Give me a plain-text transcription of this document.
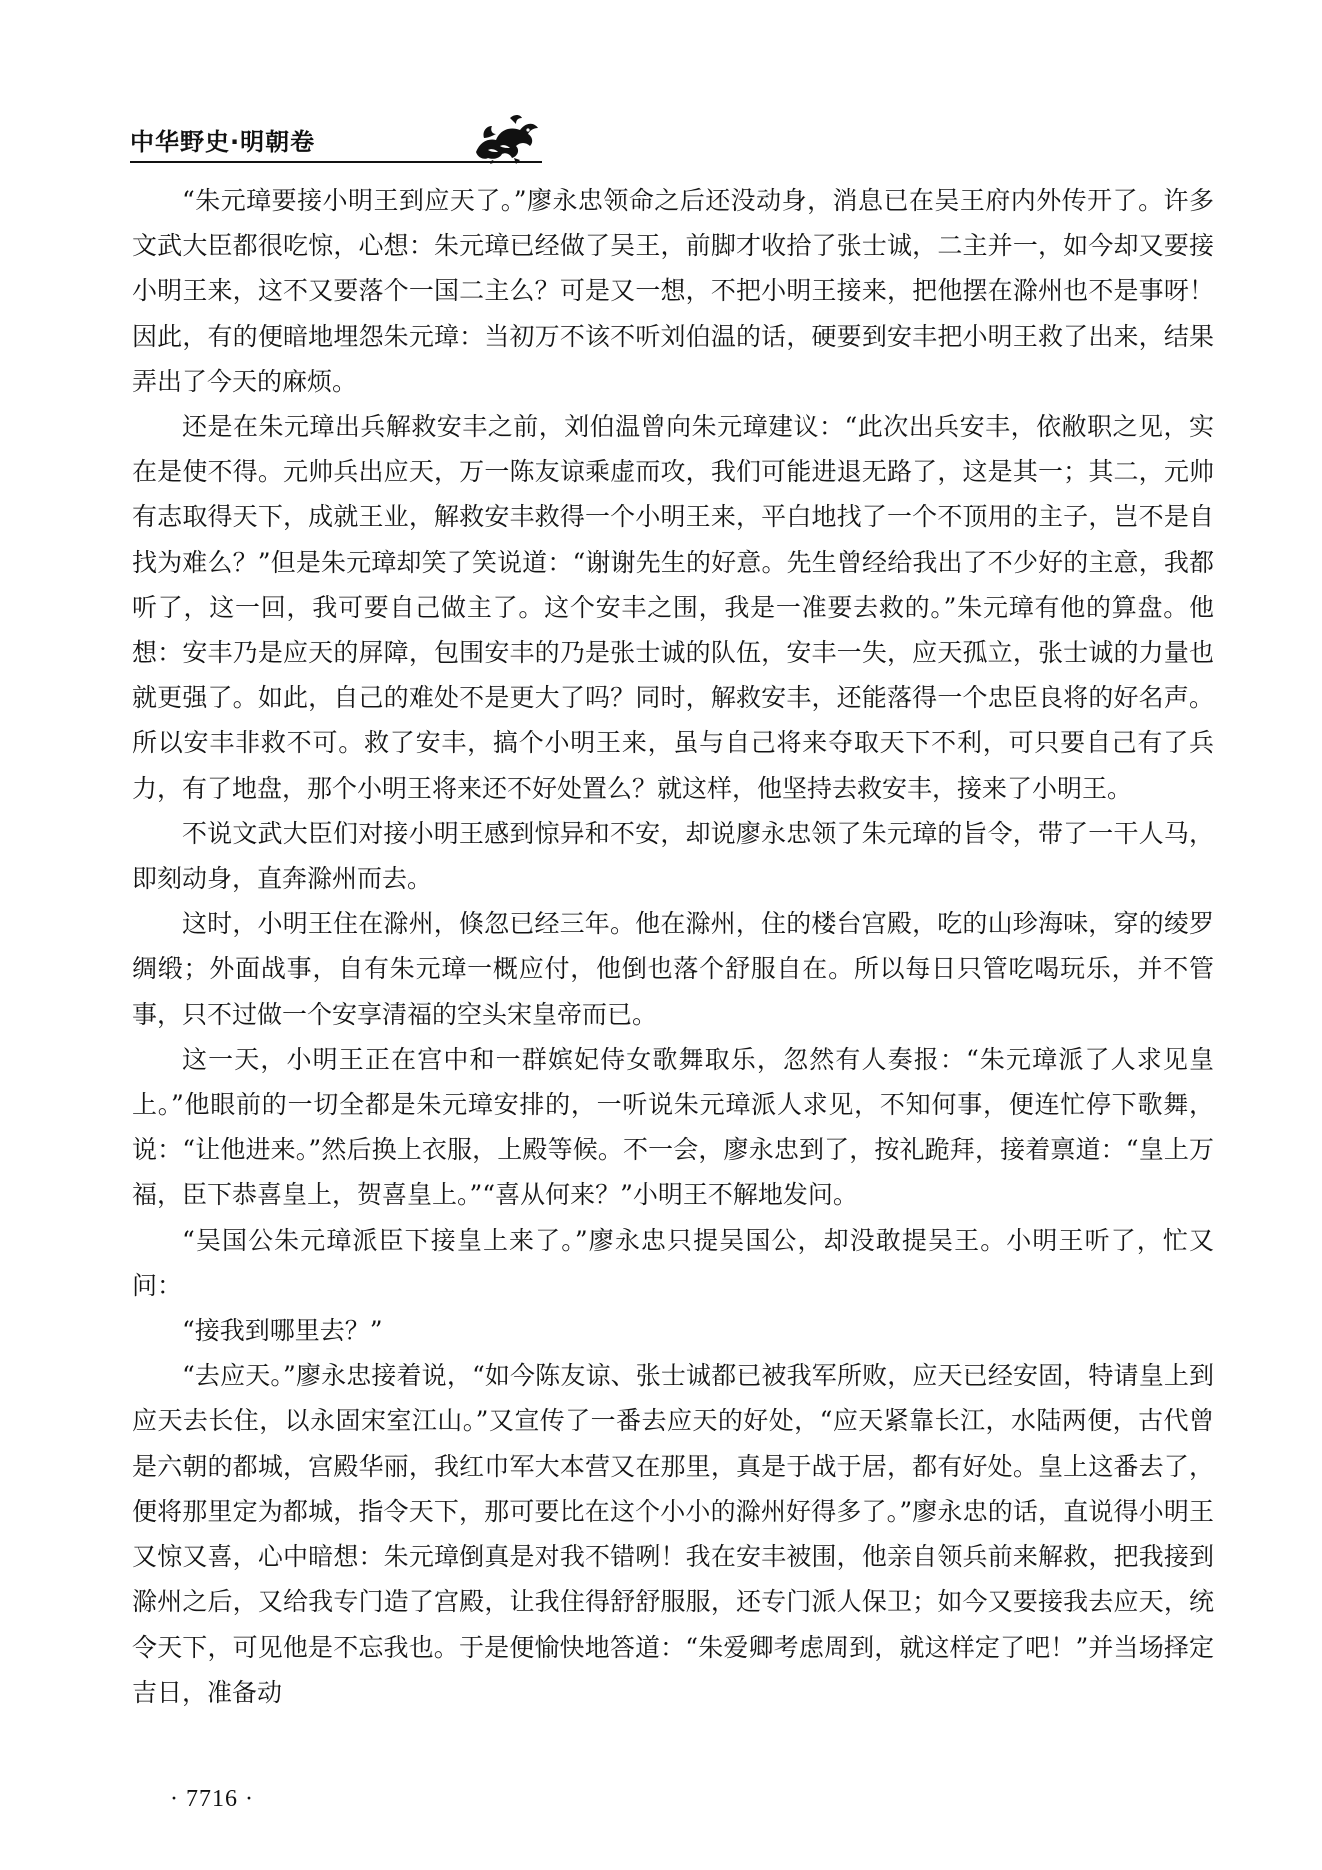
中华野史·明朝卷

“朱元璋要接小明王到应天了。”廖永忠领命之后还没动身，消息已在吴王府内外传开了。许多文武大臣都很吃惊，心想：朱元璋已经做了吴王，前脚才收拾了张士诚，二主并一，如今却又要接小明王来，这不又要落个一国二主么？可是又一想，不把小明王接来，把他摆在滁州也不是事呀！因此，有的便暗地埋怨朱元璋：当初万不该不听刘伯温的话，硬要到安丰把小明王救了出来，结果弄出了今天的麻烦。

还是在朱元璋出兵解救安丰之前，刘伯温曾向朱元璋建议：“此次出兵安丰，依敝职之见，实在是使不得。元帅兵出应天，万一陈友谅乘虚而攻，我们可能进退无路了，这是其一；其二，元帅有志取得天下，成就王业，解救安丰救得一个小明王来，平白地找了一个不顶用的主子，岂不是自找为难么？”但是朱元璋却笑了笑说道：“谢谢先生的好意。先生曾经给我出了不少好的主意，我都听了，这一回，我可要自己做主了。这个安丰之围，我是一准要去救的。”朱元璋有他的算盘。他想：安丰乃是应天的屏障，包围安丰的乃是张士诚的队伍，安丰一失，应天孤立，张士诚的力量也就更强了。如此，自己的难处不是更大了吗？同时，解救安丰，还能落得一个忠臣良将的好名声。所以安丰非救不可。救了安丰，搞个小明王来，虽与自己将来夺取天下不利，可只要自己有了兵力，有了地盘，那个小明王将来还不好处置么？就这样，他坚持去救安丰，接来了小明王。

不说文武大臣们对接小明王感到惊异和不安，却说廖永忠领了朱元璋的旨令，带了一干人马，即刻动身，直奔滁州而去。

这时，小明王住在滁州，倏忽已经三年。他在滁州，住的楼台宫殿，吃的山珍海味，穿的绫罗绸缎；外面战事，自有朱元璋一概应付，他倒也落个舒服自在。所以每日只管吃喝玩乐，并不管事，只不过做一个安享清福的空头宋皇帝而已。

这一天，小明王正在宫中和一群嫔妃侍女歌舞取乐，忽然有人奏报：“朱元璋派了人求见皇上。”他眼前的一切全都是朱元璋安排的，一听说朱元璋派人求见，不知何事，便连忙停下歌舞，说：“让他进来。”然后换上衣服，上殿等候。不一会，廖永忠到了，按礼跪拜，接着禀道：“皇上万福，臣下恭喜皇上，贺喜皇上。”“喜从何来？”小明王不解地发问。

“吴国公朱元璋派臣下接皇上来了。”廖永忠只提吴国公，却没敢提吴王。小明王听了，忙又问：

“接我到哪里去？”

“去应天。”廖永忠接着说，“如今陈友谅、张士诚都已被我军所败，应天已经安固，特请皇上到应天去长住，以永固宋室江山。”又宣传了一番去应天的好处，“应天紧靠长江，水陆两便，古代曾是六朝的都城，宫殿华丽，我红巾军大本营又在那里，真是于战于居，都有好处。皇上这番去了，便将那里定为都城，指令天下，那可要比在这个小小的滁州好得多了。”廖永忠的话，直说得小明王又惊又喜，心中暗想：朱元璋倒真是对我不错咧！我在安丰被围，他亲自领兵前来解救，把我接到滁州之后，又给我专门造了宫殿，让我住得舒舒服服，还专门派人保卫；如今又要接我去应天，统令天下，可见他是不忘我也。于是便愉快地答道：“朱爱卿考虑周到，就这样定了吧！”并当场择定吉日，准备动

· 7716 ·
